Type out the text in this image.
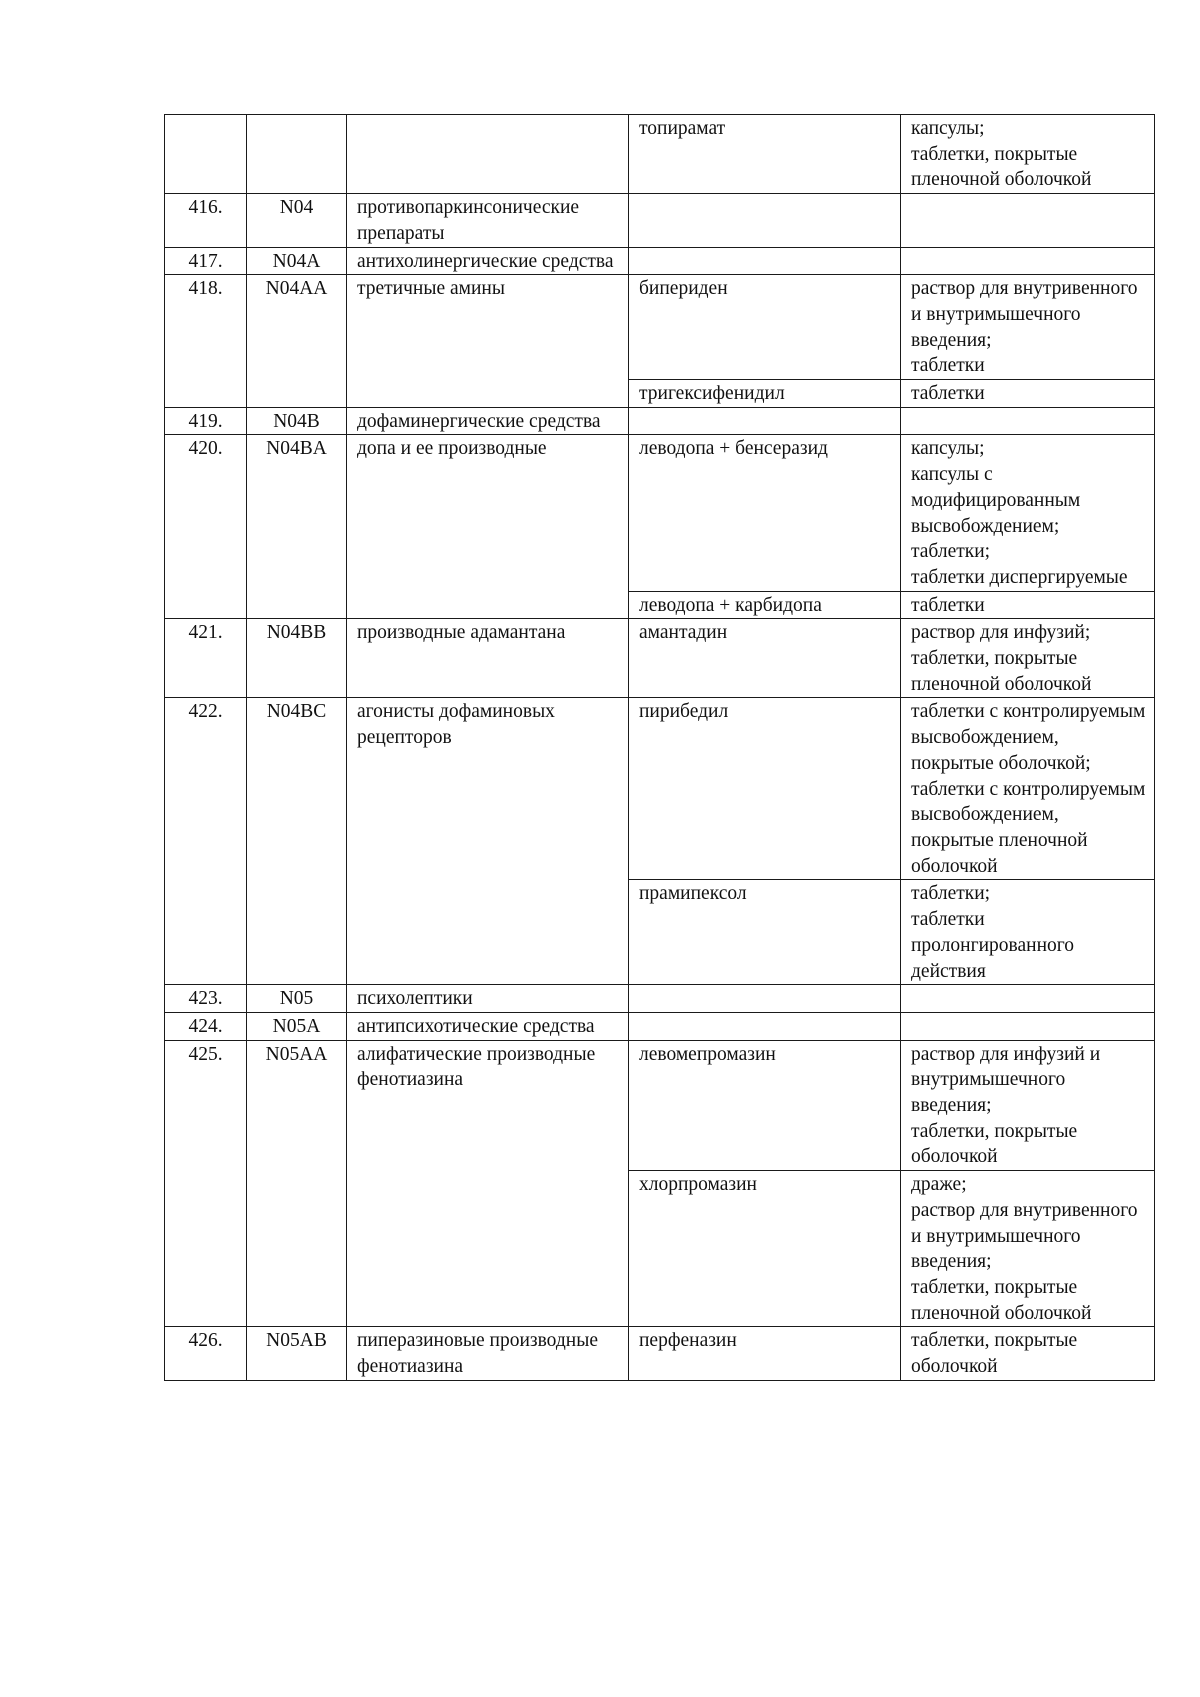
			топирамат	капсулы;
таблетки, покрытые пленочной оболочкой
416.	N04	противопаркинсонические препараты		
417.	N04A	антихолинергические средства		
418.	N04AA	третичные амины	бипериден	раствор для внутривенного и внутримышечного введения;
таблетки
			тригексифенидил	таблетки
419.	N04B	дофаминергические средства		
420.	N04BA	допа и ее производные	леводопа + бенсеразид	капсулы;
капсулы с модифицированным высвобождением;
таблетки;
таблетки диспергируемые
			леводопа + карбидопа	таблетки
421.	N04BB	производные адамантана	амантадин	раствор для инфузий;
таблетки, покрытые пленочной оболочкой
422.	N04BC	агонисты дофаминовых рецепторов	пирибедил	таблетки с контролируемым высвобождением, покрытые оболочкой;
таблетки с контролируемым высвобождением, покрытые пленочной оболочкой
			прамипексол	таблетки;
таблетки пролонгированного действия
423.	N05	психолептики		
424.	N05A	антипсихотические средства		
425.	N05AA	алифатические производные фенотиазина	левомепромазин	раствор для инфузий и внутримышечного введения;
таблетки, покрытые оболочкой
			хлорпромазин	драже;
раствор для внутривенного и внутримышечного введения;
таблетки, покрытые пленочной оболочкой
426.	N05AB	пиперазиновые производные фенотиазина	перфеназин	таблетки, покрытые оболочкой
